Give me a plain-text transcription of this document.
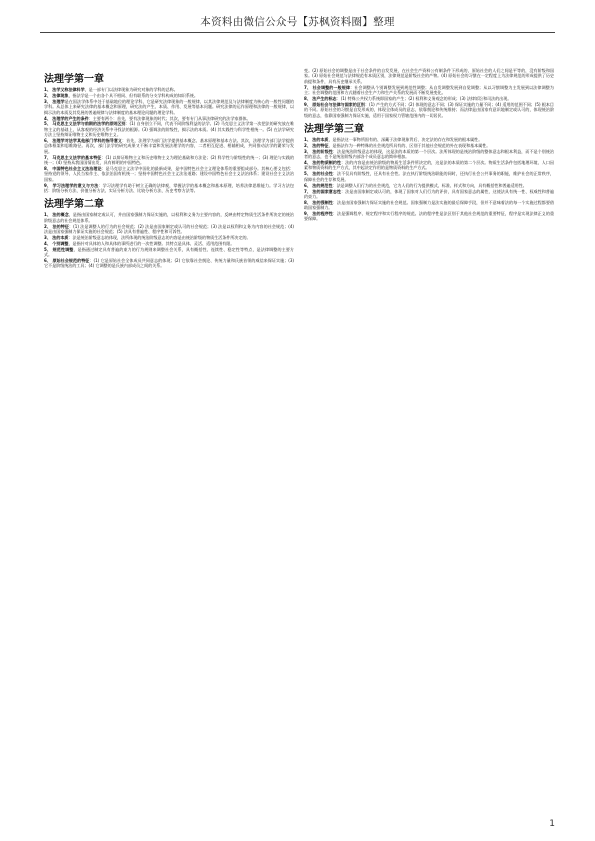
本资料由微信公众号【苏枫资料圈】整理
法理学第一章
1、 法学又称法律科学，是一部专门以法律现象为研究对象的学科的总称。
2、 法律现象，指法学是一个由各个具不相同、但有联系的分支学科构成的知识系统。
3、 法理学是在国法学体系中处于基础地位的理论学科，它是研究法律现象的一般规律，以其法律规范及与法律制度为核心的一般性问题的学科。从总体上来研究法律的基本概念和原理，研究法的产生、本质、作用、发展等基本问题。研究法律的运作原理和法律的一般规律，以揭示法的本质及其发展的普遍规律与法律制度的基本理论问题的理论学科。
4、 法理学的产生的条件：主要有两个：首先，要有法律现象的时代；其次，要有专门从事法律研究的法学家群体。
5、 马克思主义法学与前期的法学的原则区别：(1) 自身创立不同，代表不同阶级利益的法学。(2) 马克思主义法学第一次把法的研究放在唯物主义的基础上，从客观的经济关系中寻找法的根源。(3) 强调法的阶级性，揭示法的本质。(4) 其实践性与科学性相统一。(5) 在法学研究方法上坚持辩证唯物主义和历史唯物主义。
6、 法理学对法学其他部门学科的指导意义：首先，法理学为部门法学提供基本概念、基本原理和基本方法。其次，法理学为部门法学提供总体框架和思维路径。再次，部门法学的研究成果又不断丰富和发展法理学的内容，二者相互促进、相辅相成，共同推动法学的繁荣与发展。
7、 马克思主义法学的基本特征：(1) 以辩证唯物主义和历史唯物主义为理论基础和方法论；(2) 科学性与阶级性的统一；(3) 理论与实践的统一；(4) 坚持从我国国情出发，具有鲜明的中国特色。
8、 中国特色社会主义法治理论：是马克思主义法学中国化的最新成果，是中国特色社会主义理论体系的重要组成部分。其核心要义包括：坚持党的领导、人民当家作主、依法治国有机统一；坚持中国特色社会主义法治道路；建设中国特色社会主义法治体系；建设社会主义法治国家。
9、 学习法理学的意义与方法：学习法理学有助于树立正确的法律观，掌握法学的基本概念和基本原理，培养法律思维能力。学习方法包括：阶级分析方法、价值分析方法、实证分析方法、比较分析方法、历史考察方法等。
法理学第二章
1、 法的概念，是指由国家制定或认可，并由国家强制力保证实施的，以权利和义务为主要内容的，反映由特定物质生活条件所决定的统治阶级意志的社会规范体系。
2、 法的特征：(1) 法是调整人的行为的社会规范；(2) 法是由国家制定或认可的社会规范；(3) 法是以权利和义务为内容的社会规范；(4) 法是由国家强制力保证实施的社会规范；(5) 法具有普遍性、程序性和可诉性。
3、 法的本质：法是统治阶级意志的体现，法所体现的统治阶级意志的内容是由统治阶级的物质生活条件所决定的。
4、 个别调整，是指针对具体的人和具体的事所进行的一次性调整。其特点是具体、灵活、适用范围有限。
5、 规范性调整，是指通过制定具有普遍约束力的行为规则来调整社会关系，具有概括性、连续性、稳定性等特点，是法律调整的主要方式。
6、 原始社会规范的特征：(1) 它是原始社会全体成员共同意志的体现；(2) 它依靠社会舆论、传统力量和氏族首领的威信来保证实施；(3) 它不是阶级统治的工具；(4) 它调整的是氏族内部成员之间的关系。
变。(2) 原始社会的调整是由于社会条件的自发发展，在社会生产资料公有制条件下形成的，原始社会的人们之间是平等的，没有阶级和国家。(3) 原始社会规范与法律规范有本质区别，法律规范是阶级社会的产物。(4) 原始社会的习惯在一定程度上为法律规范的形成提供了历史前提和条件，具有历史继承关系。
7、 社会调整的一般规律：社会调整从个别调整发展到规范性调整；从自发调整发展到自觉调整；从以习惯调整为主发展到以法律调整为主；社会调整的范围和方式随着社会生产力和生产关系的发展而不断发展变化。
8、 法产生的标志：(1) 特殊公共权力系统即国家的产生；(2) 权利和义务观念的形成；(3) 法律诉讼和司法的出现。
9、 原始社会与法律与国家的区别：(1) 产生的方式不同；(2) 体现的意志不同；(3) 保证实施的力量不同；(4) 适用的范围不同；(5) 根本目的不同。原始社会的习惯是自发形成的，体现全体成员的意志，依靠舆论和传统维持；而法律是由国家有意识地制定或认可的，体现统治阶级的意志，依靠国家强制力保证实施，适用于国家权力管辖范围内的一切居民。
法理学第三章
1、 法的本质，是指法这一事物所固有的、深藏于法律现象背后、决定法的存在和发展的根本属性。
2、 法的特征，是指法作为一种特殊的社会规范所具有的、区别于其他社会规范的外在表现和基本属性。
3、 法的阶级性：法是统治阶级意志的体现，这是法的本质的第一个层次。法所体现的是统治阶级的整体意志和根本利益，而不是个别统治者的意志，也不是统治阶级内部各个成员意志的简单相加。
4、 法的物质制约性：法的内容是由统治阶级的物质生活条件所决定的，这是法的本质的第二个层次。物质生活条件包括地理环境、人口因素和物质资料的生产方式，其中起决定作用的是物质资料的生产方式。
5、 法的社会性：法不仅具有阶级性，还具有社会性。法在执行阶级统治职能的同时，还执行社会公共事务的职能，维护社会的正常秩序，保障社会的生存和发展。
6、 法的规范性：法是调整人们行为的社会规范，它为人们的行为提供模式、标准、样式和方向，具有概括性和普遍适用性。
7、 法的国家意志性：法是由国家制定或认可的，体现了国家对人们行为的评价，具有国家意志的属性，这使法具有统一性、权威性和普遍约束力。
8、 法的强制性：法是由国家强制力保证实施的社会规范。国家强制力是法实施的最后保障手段，但并不意味着法的每一个实施过程都要借助国家强制力。
9、 法的程序性：法是强调程序、规定程序和实行程序的规范。法的程序性是法区别于其他社会规范的重要特征，程序是实现法律正义的重要保障。
1
